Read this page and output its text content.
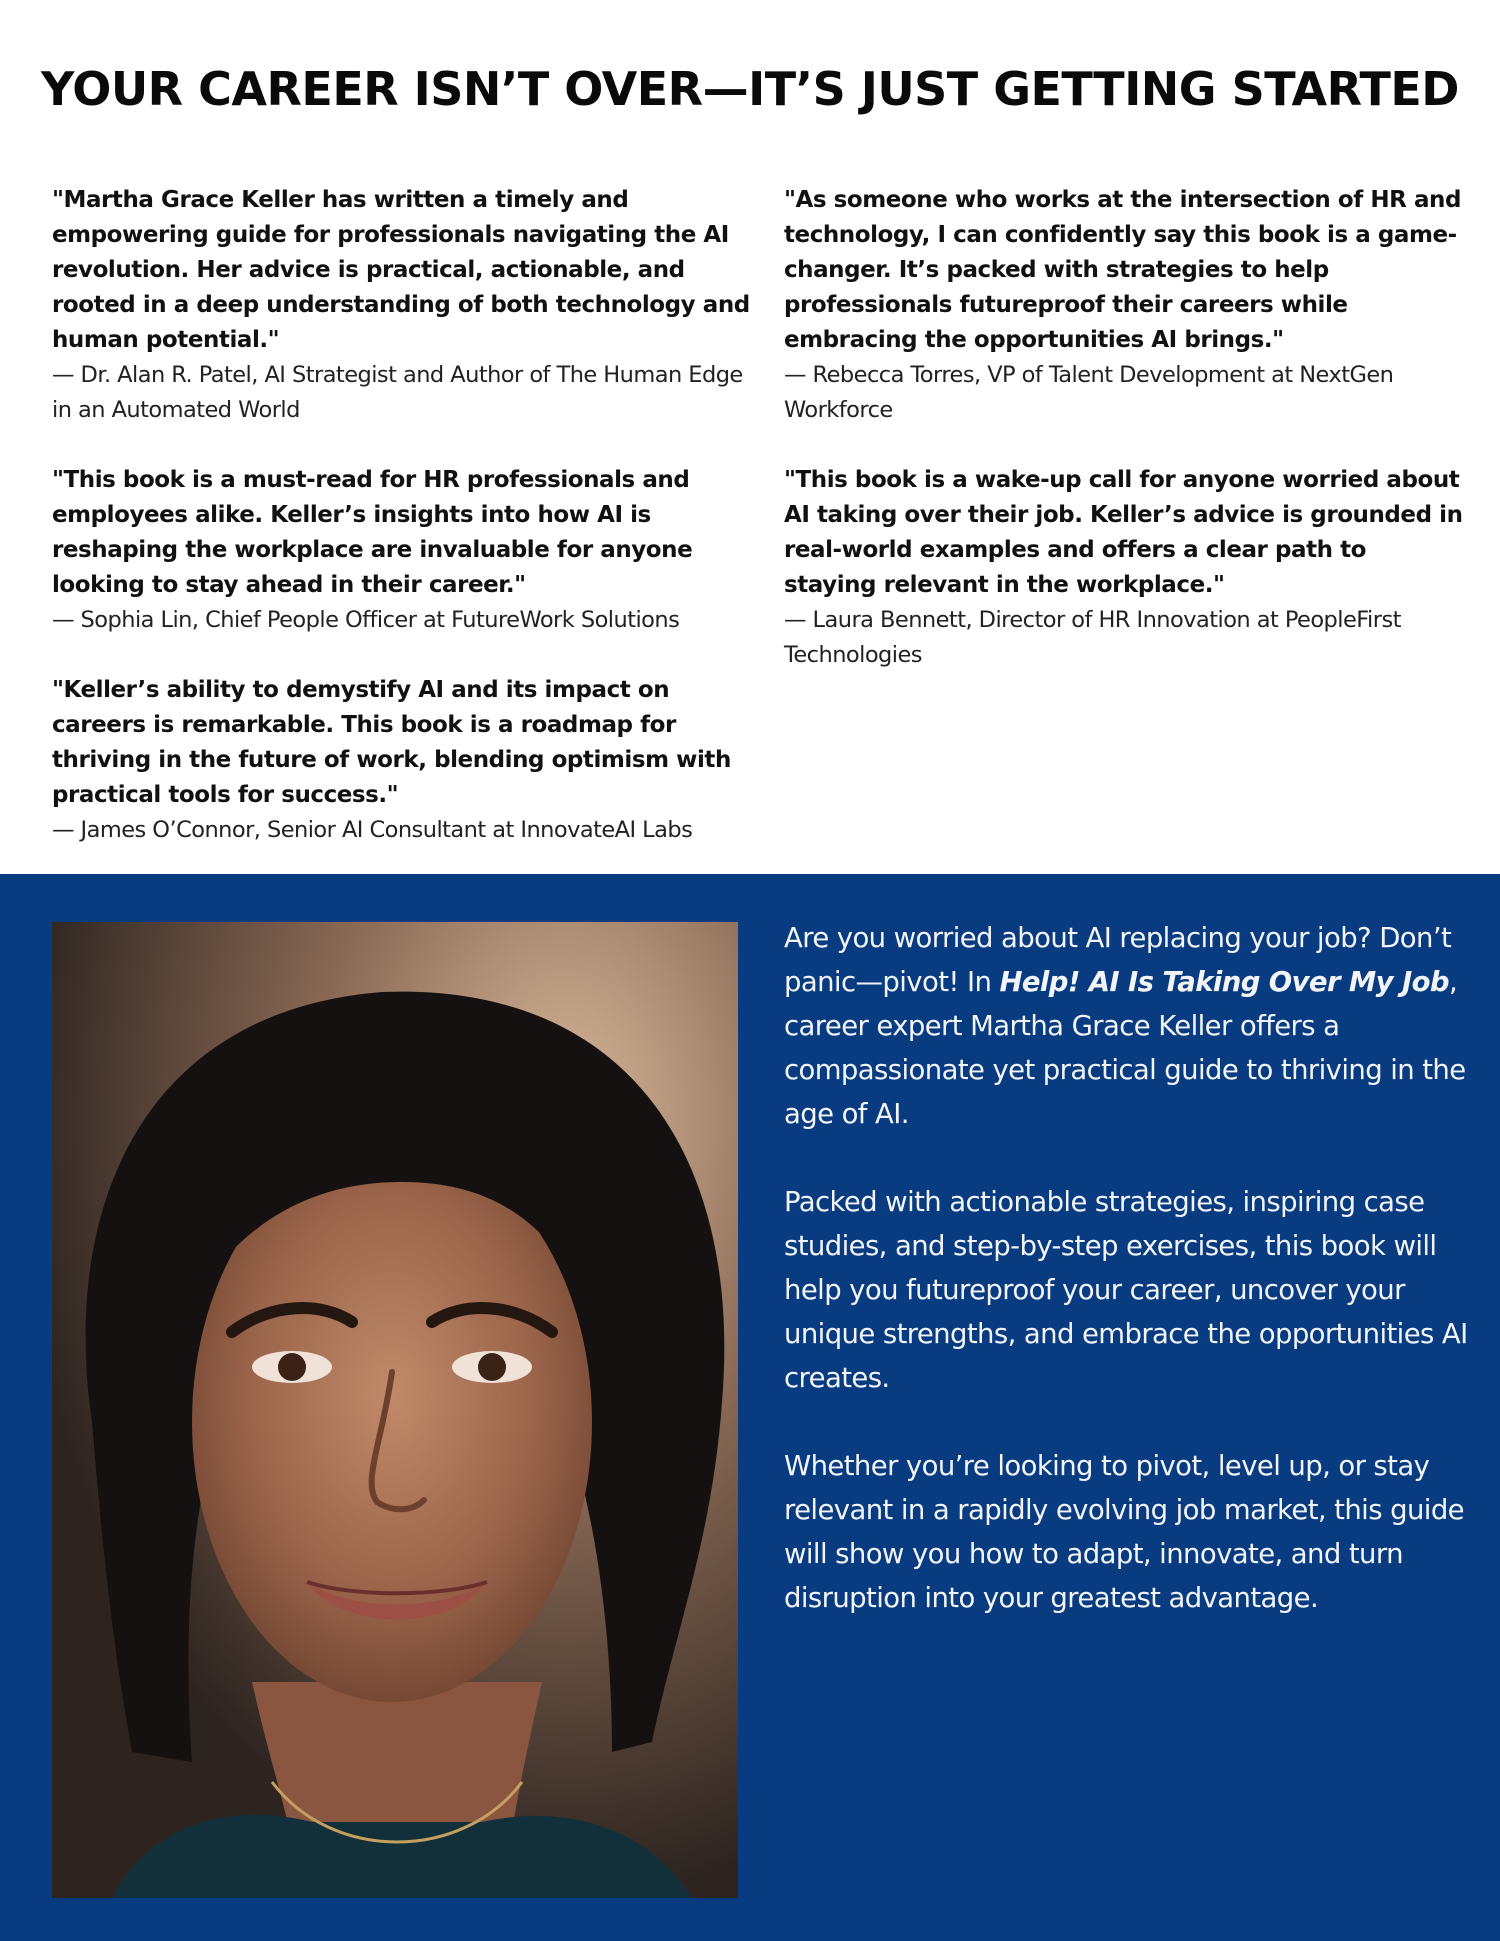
YOUR CAREER ISN’T OVER—IT’S JUST GETTING STARTED
"Martha Grace Keller has written a timely and empowering guide for professionals navigating the AI revolution. Her advice is practical, actionable, and rooted in a deep understanding of both technology and human potential."
— Dr. Alan R. Patel, AI Strategist and Author of The Human Edge in an Automated World
"This book is a must-read for HR professionals and employees alike. Keller’s insights into how AI is reshaping the workplace are invaluable for anyone looking to stay ahead in their career."
— Sophia Lin, Chief People Officer at FutureWork Solutions
"Keller’s ability to demystify AI and its impact on careers is remarkable. This book is a roadmap for thriving in the future of work, blending optimism with practical tools for success."
— James O’Connor, Senior AI Consultant at InnovateAI Labs
"As someone who works at the intersection of HR and technology, I can confidently say this book is a game-changer. It’s packed with strategies to help professionals futureproof their careers while embracing the opportunities AI brings."
— Rebecca Torres, VP of Talent Development at NextGen Workforce
"This book is a wake-up call for anyone worried about AI taking over their job. Keller’s advice is grounded in real-world examples and offers a clear path to staying relevant in the workplace."
— Laura Bennett, Director of HR Innovation at PeopleFirst Technologies

Are you worried about AI replacing your job? Don’t panic—pivot! In Help! AI Is Taking Over My Job, career expert Martha Grace Keller offers a compassionate yet practical guide to thriving in the age of AI.

Packed with actionable strategies, inspiring case studies, and step-by-step exercises, this book will help you futureproof your career, uncover your unique strengths, and embrace the opportunities AI creates.

Whether you’re looking to pivot, level up, or stay relevant in a rapidly evolving job market, this guide will show you how to adapt, innovate, and turn disruption into your greatest advantage.
